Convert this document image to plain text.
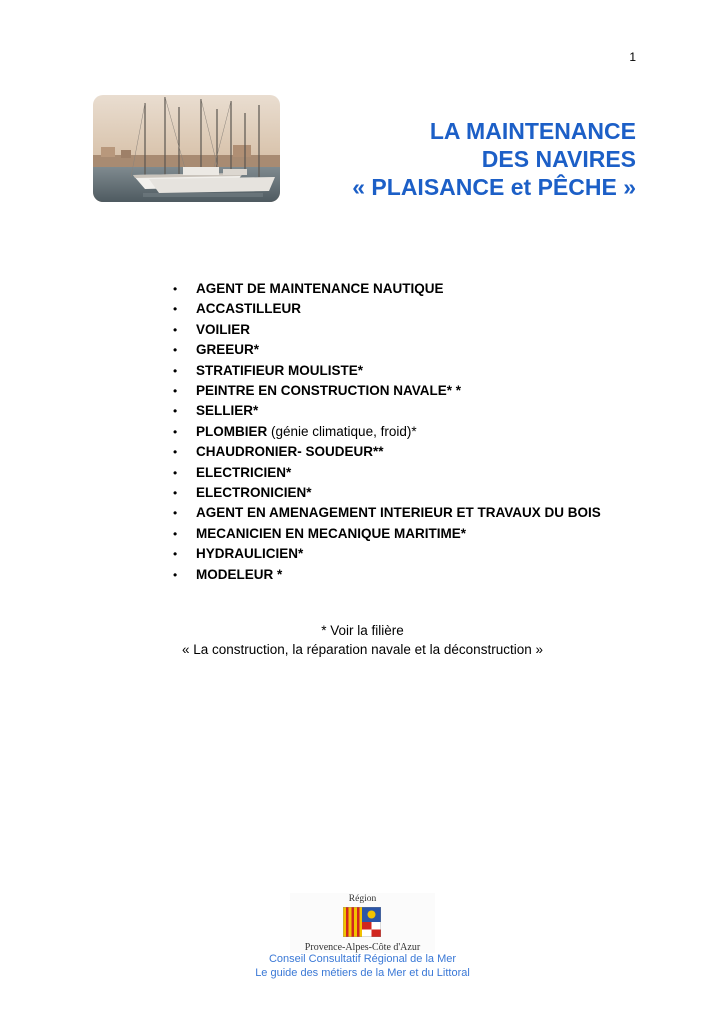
1
LA MAINTENANCE
DES NAVIRES
« PLAISANCE et PÊCHE »
• AGENT DE MAINTENANCE NAUTIQUE
• ACCASTILLEUR
• VOILIER
• GREEUR*
• STRATIFIEUR MOULISTE*
• PEINTRE EN CONSTRUCTION NAVALE* *
• SELLIER*
• PLOMBIER (génie climatique, froid)*
• CHAUDRONIER- SOUDEUR**
• ELECTRICIEN*
• ELECTRONICIEN*
• AGENT EN AMENAGEMENT INTERIEUR ET TRAVAUX DU BOIS
• MECANICIEN EN MECANIQUE MARITIME*
• HYDRAULICIEN*
• MODELEUR *
* Voir la filière
« La construction, la réparation navale et la déconstruction »
Région
Provence-Alpes-Côte d'Azur
Conseil Consultatif Régional de la Mer
Le guide des métiers de la Mer et du Littoral
